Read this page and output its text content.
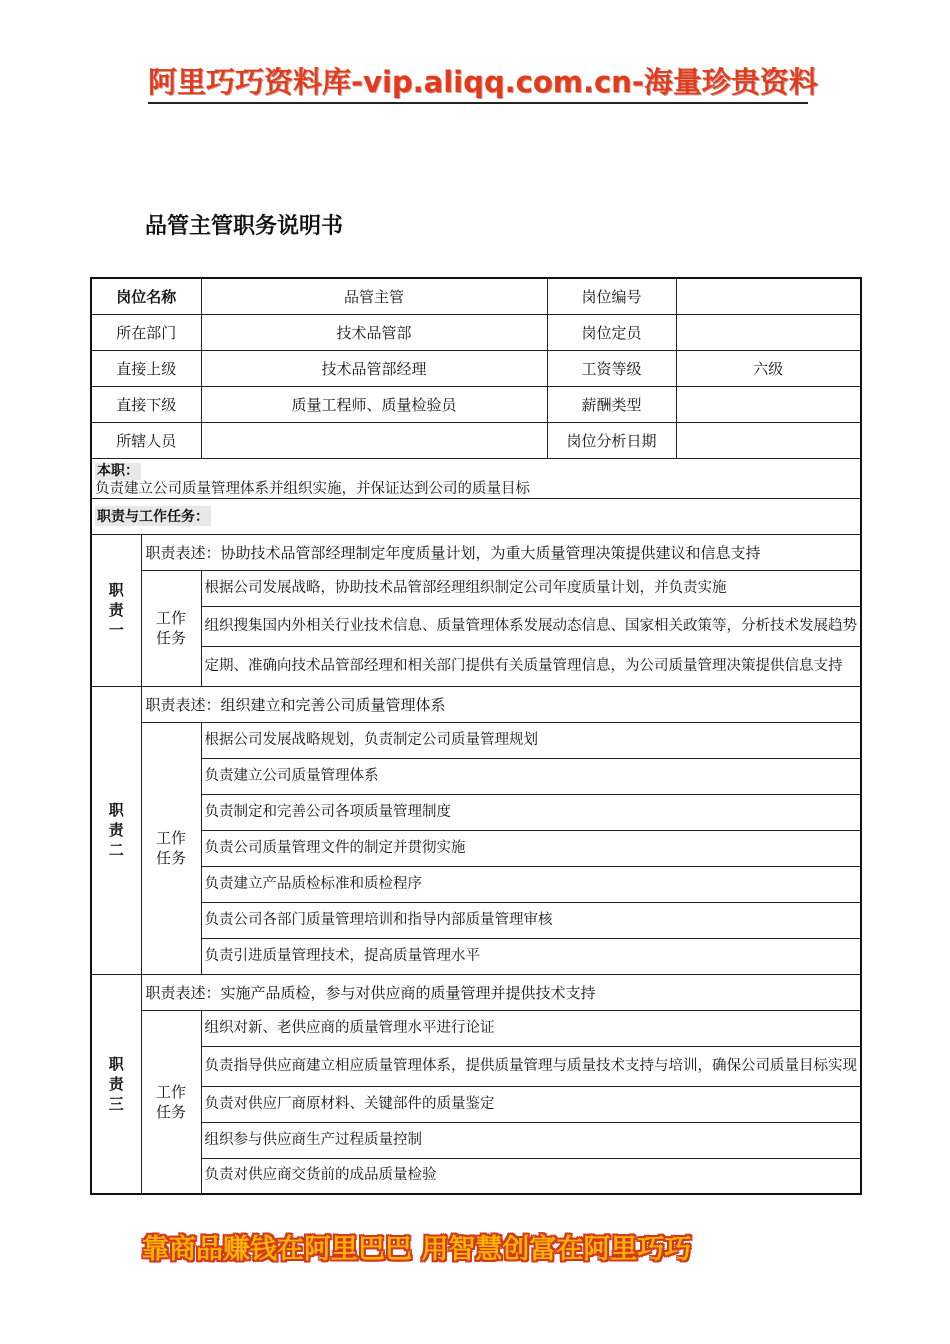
阿里巧巧资料库-vip.aliqq.com.cn-海量珍贵资料
品管主管职务说明书
岗位名称		品管主管	岗位编号	
所在部门		技术品管部	岗位定员	
直接上级		技术品管部经理	工资等级	六级
直接下级		质量工程师、质量检验员	薪酬类型	
所辖人员			岗位分析日期	
本职：
负责建立公司质量管理体系并组织实施，并保证达到公司的质量目标				
职责与工作任务：				
职责一	职责表述：协助技术品管部经理制定年度质量计划，为重大质量管理决策提供建议和信息支持			
	工作任务	根据公司发展战略，协助技术品管部经理组织制定公司年度质量计划，并负责实施		
		组织搜集国内外相关行业技术信息、质量管理体系发展动态信息、国家相关政策等，分析技术发展趋势		
		定期、准确向技术品管部经理和相关部门提供有关质量管理信息，为公司质量管理决策提供信息支持		
职责二	职责表述：组织建立和完善公司质量管理体系			
	工作任务	根据公司发展战略规划，负责制定公司质量管理规划		
		负责建立公司质量管理体系		
		负责制定和完善公司各项质量管理制度		
		负责公司质量管理文件的制定并贯彻实施		
		负责建立产品质检标准和质检程序		
		负责公司各部门质量管理培训和指导内部质量管理审核		
		负责引进质量管理技术，提高质量管理水平		
职责三	职责表述：实施产品质检，参与对供应商的质量管理并提供技术支持			
	工作任务	组织对新、老供应商的质量管理水平进行论证		
		负责指导供应商建立相应质量管理体系，提供质量管理与质量技术支持与培训，确保公司质量目标实现		
		负责对供应厂商原材料、关键部件的质量鉴定		
		组织参与供应商生产过程质量控制		
		负责对供应商交货前的成品质量检验		
靠商品赚钱在阿里巴巴 用智慧创富在阿里巧巧
